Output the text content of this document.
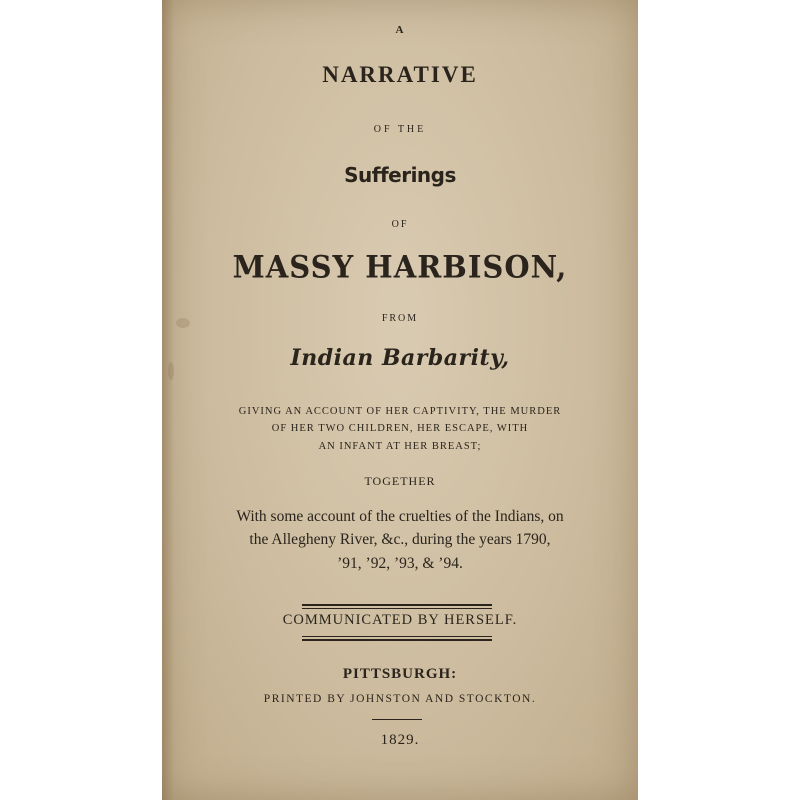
A
NARRATIVE
OF THE
Sufferings
OF
MASSY HARBISON,
FROM
Indian Barbarity,
GIVING AN ACCOUNT OF HER CAPTIVITY, THE MURDER
OF HER TWO CHILDREN, HER ESCAPE, WITH
AN INFANT AT HER BREAST;
TOGETHER
With some account of the cruelties of the Indians, on
the Allegheny River, &c., during the years 1790,
’91, ’92, ’93, & ’94.
COMMUNICATED BY HERSELF.
PITTSBURGH:
PRINTED BY JOHNSTON AND STOCKTON.
1829.
